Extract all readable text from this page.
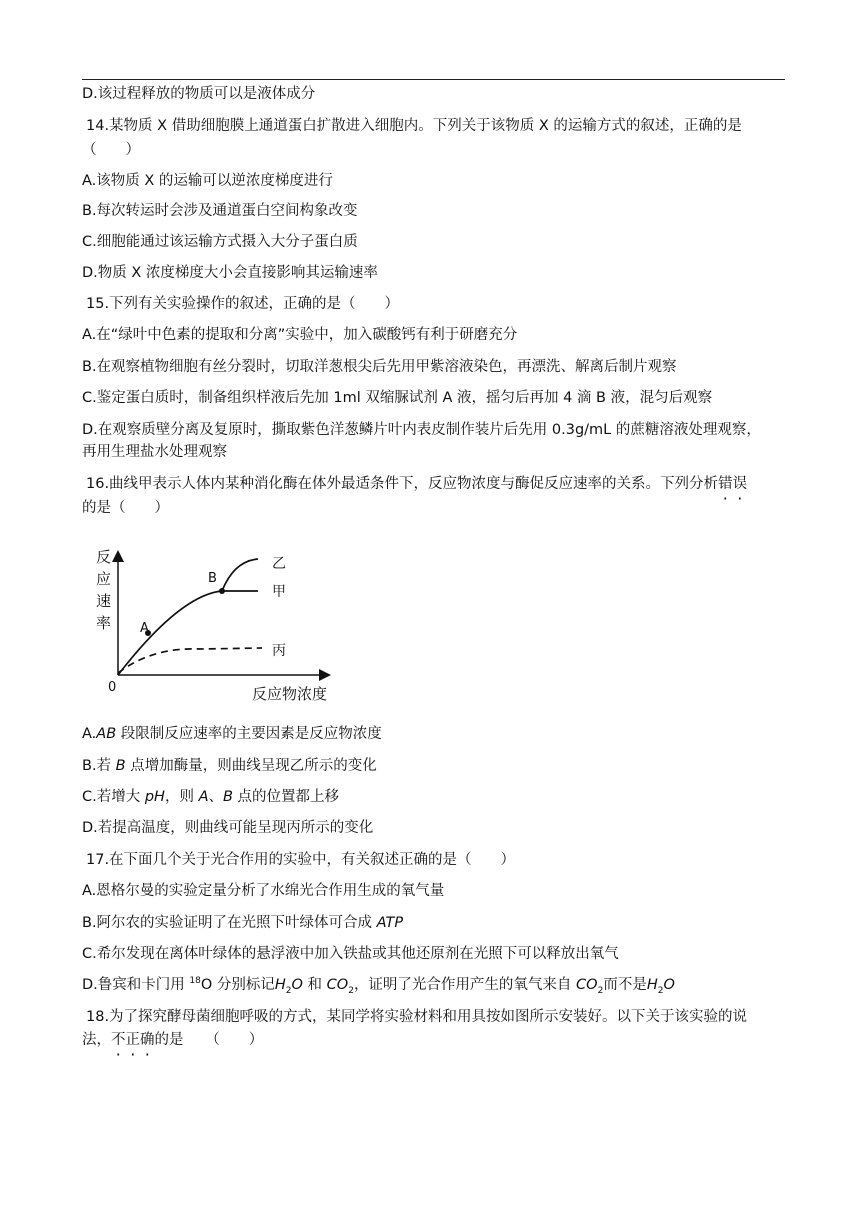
D.该过程释放的物质可以是液体成分
14.某物质 X 借助细胞膜上通道蛋白扩散进入细胞内。下列关于该物质 X 的运输方式的叙述，正确的是
（　　）
A.该物质 X 的运输可以逆浓度梯度进行
B.每次转运时会涉及通道蛋白空间构象改变
C.细胞能通过该运输方式摄入大分子蛋白质
D.物质 X 浓度梯度大小会直接影响其运输速率
15.下列有关实验操作的叙述，正确的是（　　）
A.在“绿叶中色素的提取和分离”实验中，加入碳酸钙有利于研磨充分
B.在观察植物细胞有丝分裂时，切取洋葱根尖后先用甲紫溶液染色，再漂洗、解离后制片观察
C.鉴定蛋白质时，制备组织样液后先加 1ml 双缩脲试剂 A 液，摇匀后再加 4 滴 B 液，混匀后观察
D.在观察质壁分离及复原时，撕取紫色洋葱鳞片叶内表皮制作装片后先用 0.3g/mL 的蔗糖溶液处理观察，
再用生理盐水处理观察
16.曲线甲表示人体内某种消化酶在体外最适条件下，反应物浓度与酶促反应速率的关系。下列分析错误
的是（　　）
反
应
速
率
0	反应物浓度
A
B
乙
甲
丙
A.AB 段限制反应速率的主要因素是反应物浓度
B.若 B 点增加酶量，则曲线呈现乙所示的变化
C.若增大 pH，则 A、B 点的位置都上移
D.若提高温度，则曲线可能呈现丙所示的变化
17.在下面几个关于光合作用的实验中，有关叙述正确的是（　　）
A.恩格尔曼的实验定量分析了水绵光合作用生成的氧气量
B.阿尔农的实验证明了在光照下叶绿体可合成 ATP
C.希尔发现在离体叶绿体的悬浮液中加入铁盐或其他还原剂在光照下可以释放出氧气
D.鲁宾和卡门用 $^{18}$O 分别标记$H_2O$ 和 $CO_2$，证明了光合作用产生的氧气来自 $CO_2$而不是$H_2O$
18.为了探究酵母菌细胞呼吸的方式，某同学将实验材料和用具按如图所示安装好。以下关于该实验的说
法，不正确的是　　（　　）
